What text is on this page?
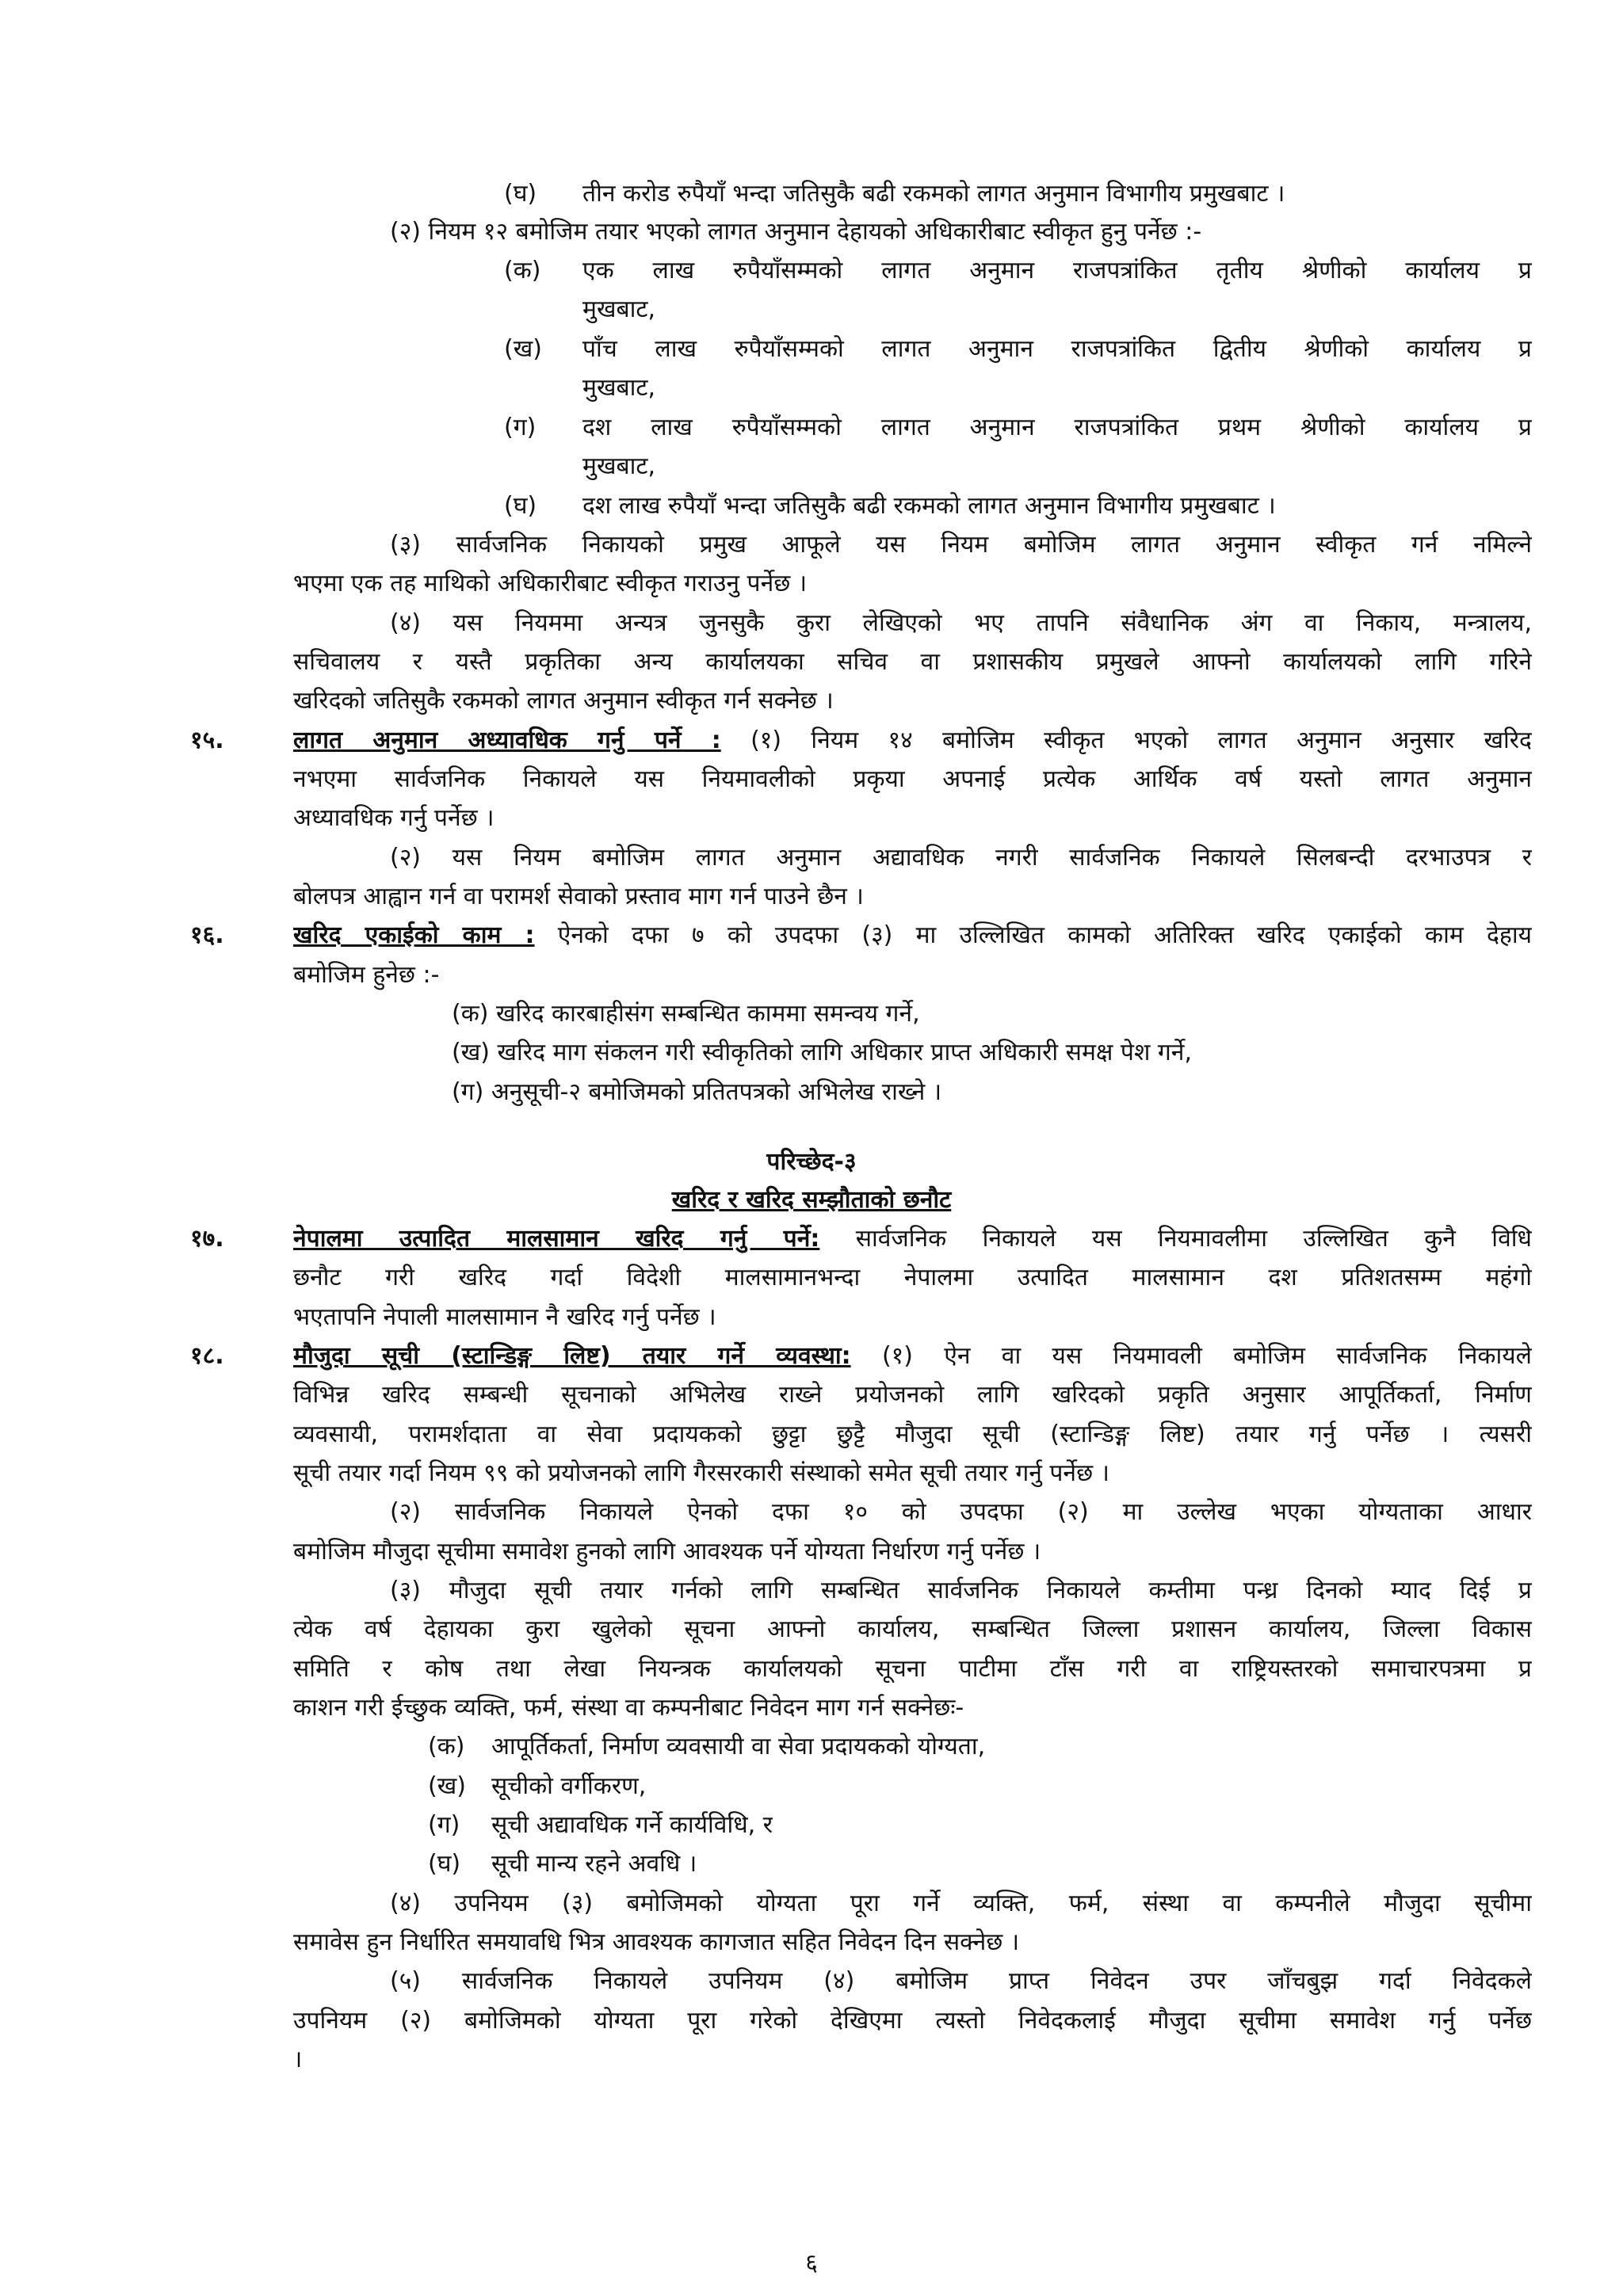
(घ) तीन करोड रुपैयाँ भन्दा जतिसुकै बढी रकमको लागत अनुमान विभागीय प्रमुखबाट ।
(२) नियम १२ बमोजिम तयार भएको लागत अनुमान देहायको अधिकारीबाट स्वीकृत हुनु पर्नेछ :-
(क) एक लाख रुपैयाँसम्मको लागत अनुमान राजपत्रांकित तृतीय श्रेणीको कार्यालय प्र
मुखबाट,
(ख) पाँच लाख रुपैयाँसम्मको लागत अनुमान राजपत्रांकित द्वितीय श्रेणीको कार्यालय प्र
मुखबाट,
(ग) दश लाख रुपैयाँसम्मको लागत अनुमान राजपत्रांकित प्रथम श्रेणीको कार्यालय प्र
मुखबाट,
(घ) दश लाख रुपैयाँ भन्दा जतिसुकै बढी रकमको लागत अनुमान विभागीय प्रमुखबाट ।
(३) सार्वजनिक निकायको प्रमुख आफूले यस नियम बमोजिम लागत अनुमान स्वीकृत गर्न नमिल्ने
भएमा एक तह माथिको अधिकारीबाट स्वीकृत गराउनु पर्नेछ ।
(४) यस नियममा अन्यत्र जुनसुकै कुरा लेखिएको भए तापनि संवैधानिक अंग वा निकाय, मन्त्रालय,
सचिवालय र यस्तै प्रकृतिका अन्य कार्यालयका सचिव वा प्रशासकीय प्रमुखले आफ्नो कार्यालयको लागि गरिने
खरिदको जतिसुकै रकमको लागत अनुमान स्वीकृत गर्न सक्नेछ ।
१५.	लागत अनुमान अध्यावधिक गर्नु पर्ने : (१) नियम १४ बमोजिम स्वीकृत भएको लागत अनुमान अनुसार खरिद
नभएमा सार्वजनिक निकायले यस नियमावलीको प्रकृया अपनाई प्रत्येक आर्थिक वर्ष यस्तो लागत अनुमान
अध्यावधिक गर्नु पर्नेछ ।
(२) यस नियम बमोजिम लागत अनुमान अद्यावधिक नगरी सार्वजनिक निकायले सिलबन्दी दरभाउपत्र र
बोलपत्र आह्वान गर्न वा परामर्श सेवाको प्रस्ताव माग गर्न पाउने छैन ।
१६.	खरिद एकाईको काम : ऐनको दफा ७ को उपदफा (३) मा उल्लिखित कामको अतिरिक्त खरिद एकाईको काम देहाय
बमोजिम हुनेछ :-
(क) खरिद कारबाहीसंग सम्बन्धित काममा समन्वय गर्ने,
(ख) खरिद माग संकलन गरी स्वीकृतिको लागि अधिकार प्राप्त अधिकारी समक्ष पेश गर्ने,
(ग) अनुसूची-२ बमोजिमको प्रतितपत्रको अभिलेख राख्ने ।
परिच्छेद-३
खरिद र खरिद सम्झौताको छनौट
१७.	नेपालमा उत्पादित मालसामान खरिद गर्नु पर्ने: सार्वजनिक निकायले यस नियमावलीमा उल्लिखित कुनै विधि
छनौट गरी खरिद गर्दा विदेशी मालसामानभन्दा नेपालमा उत्पादित मालसामान दश प्रतिशतसम्म महंगो
भएतापनि नेपाली मालसामान नै खरिद गर्नु पर्नेछ ।
१८.	मौजुदा सूची (स्टान्डिङ्ग लिष्ट) तयार गर्ने व्यवस्था: (१) ऐन वा यस नियमावली बमोजिम सार्वजनिक निकायले
विभिन्न खरिद सम्बन्धी सूचनाको अभिलेख राख्ने प्रयोजनको लागि खरिदको प्रकृति अनुसार आपूर्तिकर्ता, निर्माण
व्यवसायी, परामर्शदाता वा सेवा प्रदायकको छुट्टा छुट्टै मौजुदा सूची (स्टान्डिङ्ग लिष्ट) तयार गर्नु पर्नेछ । त्यसरी
सूची तयार गर्दा नियम ९९ को प्रयोजनको लागि गैरसरकारी संस्थाको समेत सूची तयार गर्नु पर्नेछ ।
(२) सार्वजनिक निकायले ऐनको दफा १० को उपदफा (२) मा उल्लेख भएका योग्यताका आधार
बमोजिम मौजुदा सूचीमा समावेश हुनको लागि आवश्यक पर्ने योग्यता निर्धारण गर्नु पर्नेछ ।
(३) मौजुदा सूची तयार गर्नको लागि सम्बन्धित सार्वजनिक निकायले कम्तीमा पन्ध्र दिनको म्याद दिई प्र
त्येक वर्ष देहायका कुरा खुलेको सूचना आफ्नो कार्यालय, सम्बन्धित जिल्ला प्रशासन कार्यालय, जिल्ला विकास
समिति र कोष तथा लेखा नियन्त्रक कार्यालयको सूचना पाटीमा टाँस गरी वा राष्ट्रियस्तरको समाचारपत्रमा प्र
काशन गरी ईच्छुक व्यक्ति, फर्म, संस्था वा कम्पनीबाट निवेदन माग गर्न सक्नेछः-
(क) आपूर्तिकर्ता, निर्माण व्यवसायी वा सेवा प्रदायकको योग्यता,
(ख) सूचीको वर्गीकरण,
(ग) सूची अद्यावधिक गर्ने कार्यविधि, र
(घ) सूची मान्य रहने अवधि ।
(४) उपनियम (३) बमोजिमको योग्यता पूरा गर्ने व्यक्ति, फर्म, संस्था वा कम्पनीले मौजुदा सूचीमा
समावेस हुन निर्धारित समयावधि भित्र आवश्यक कागजात सहित निवेदन दिन सक्नेछ ।
(५) सार्वजनिक निकायले उपनियम (४) बमोजिम प्राप्त निवेदन उपर जाँचबुझ गर्दा निवेदकले
उपनियम (२) बमोजिमको योग्यता पूरा गरेको देखिएमा त्यस्तो निवेदकलाई मौजुदा सूचीमा समावेश गर्नु पर्नेछ
।
६
